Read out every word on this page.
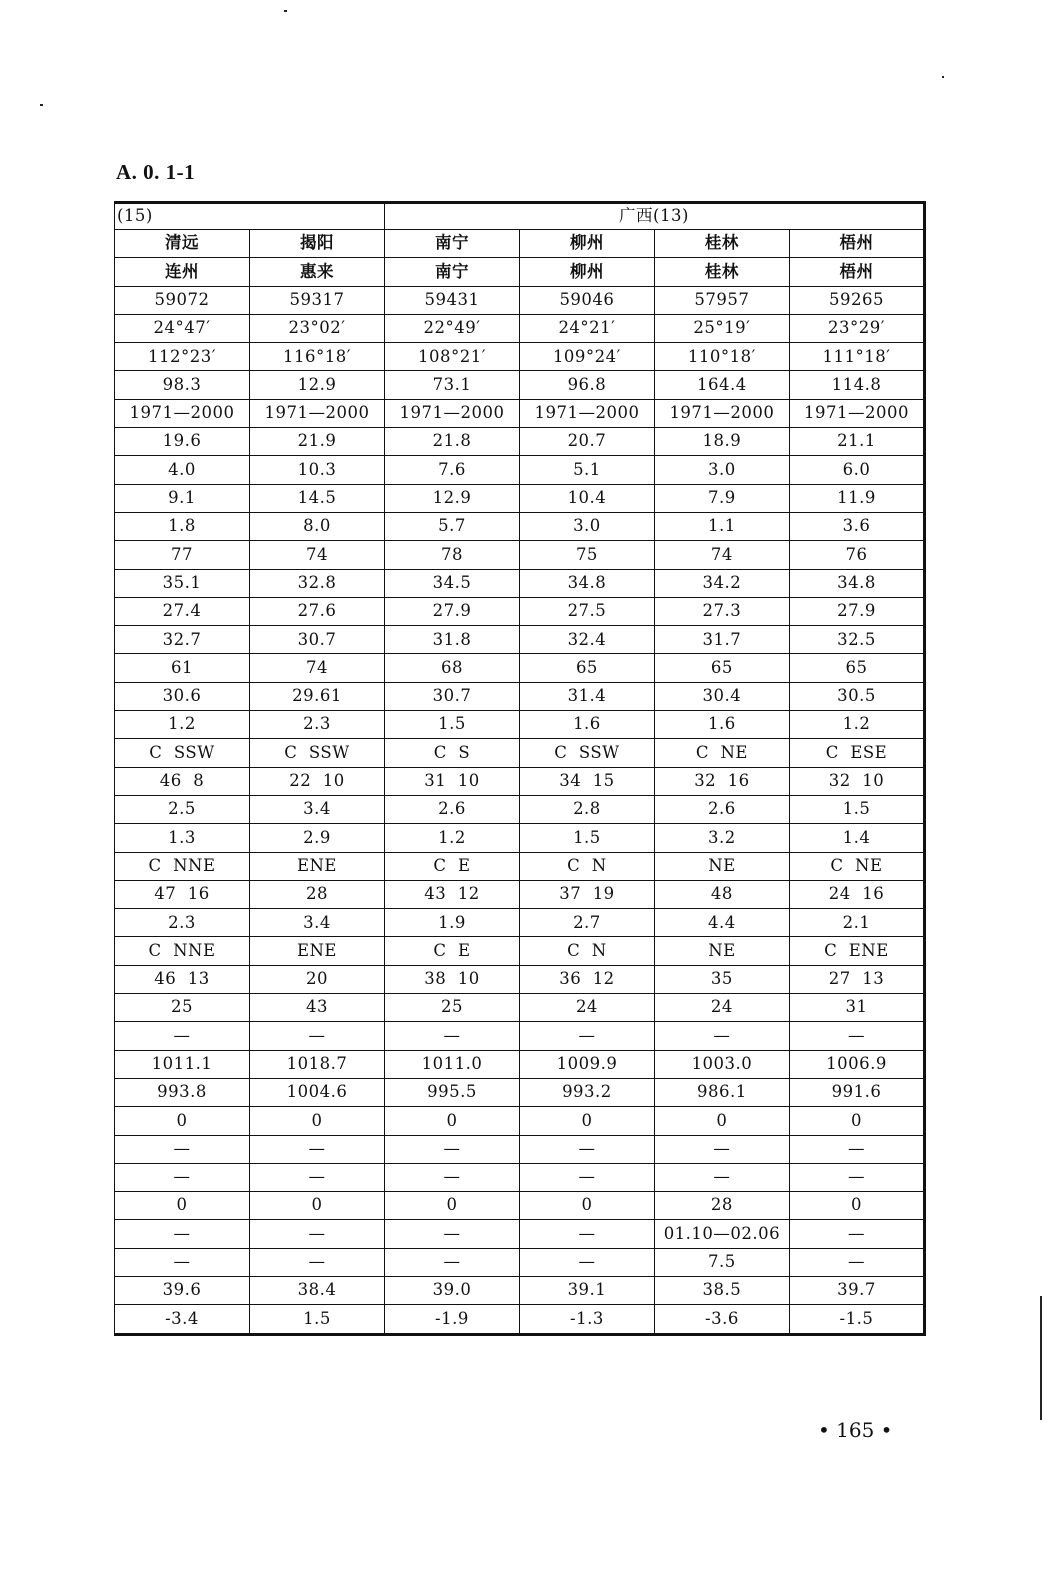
A. 0. 1-1
(15)		广西(13)			
清远	揭阳	南宁	柳州	桂林	梧州
连州	惠来	南宁	柳州	桂林	梧州
59072	59317	59431	59046	57957	59265
24°47′	23°02′	22°49′	24°21′	25°19′	23°29′
112°23′	116°18′	108°21′	109°24′	110°18′	111°18′
98.3	12.9	73.1	96.8	164.4	114.8
1971—2000	1971—2000	1971—2000	1971—2000	1971—2000	1971—2000
19.6	21.9	21.8	20.7	18.9	21.1
4.0	10.3	7.6	5.1	3.0	6.0
9.1	14.5	12.9	10.4	7.9	11.9
1.8	8.0	5.7	3.0	1.1	3.6
77	74	78	75	74	76
35.1	32.8	34.5	34.8	34.2	34.8
27.4	27.6	27.9	27.5	27.3	27.9
32.7	30.7	31.8	32.4	31.7	32.5
61	74	68	65	65	65
30.6	29.61	30.7	31.4	30.4	30.5
1.2	2.3	1.5	1.6	1.6	1.2
C  SSW	C  SSW	C  S	C  SSW	C  NE	C  ESE
46  8	22  10	31  10	34  15	32  16	32  10
2.5	3.4	2.6	2.8	2.6	1.5
1.3	2.9	1.2	1.5	3.2	1.4
C  NNE	ENE	C  E	C  N	NE	C  NE
47  16	28	43  12	37  19	48	24  16
2.3	3.4	1.9	2.7	4.4	2.1
C  NNE	ENE	C  E	C  N	NE	C  ENE
46  13	20	38  10	36  12	35	27  13
25	43	25	24	24	31
—	—	—	—	—	—
1011.1	1018.7	1011.0	1009.9	1003.0	1006.9
993.8	1004.6	995.5	993.2	986.1	991.6
0	0	0	0	0	0
—	—	—	—	—	—
—	—	—	—	—	—
0	0	0	0	28	0
—	—	—	—	01.10—02.06	—
—	—	—	—	7.5	—
39.6	38.4	39.0	39.1	38.5	39.7
-3.4	1.5	-1.9	-1.3	-3.6	-1.5
• 165 •
